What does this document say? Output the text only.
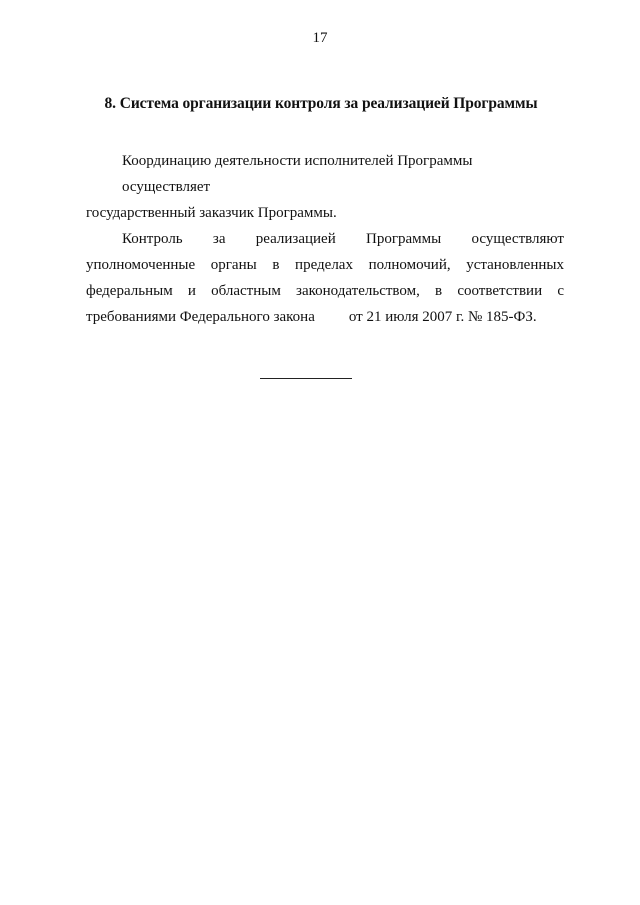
17
8. Система организации контроля за реализацией Программы
Координацию деятельности исполнителей Программы осуществляет
государственный заказчик Программы.
Контроль за реализацией Программы осуществляют
уполномоченные органы в пределах полномочий, установленных
федеральным и областным законодательством, в соответствии с
требованиями Федерального закона от 21 июля 2007 г. № 185-ФЗ.
